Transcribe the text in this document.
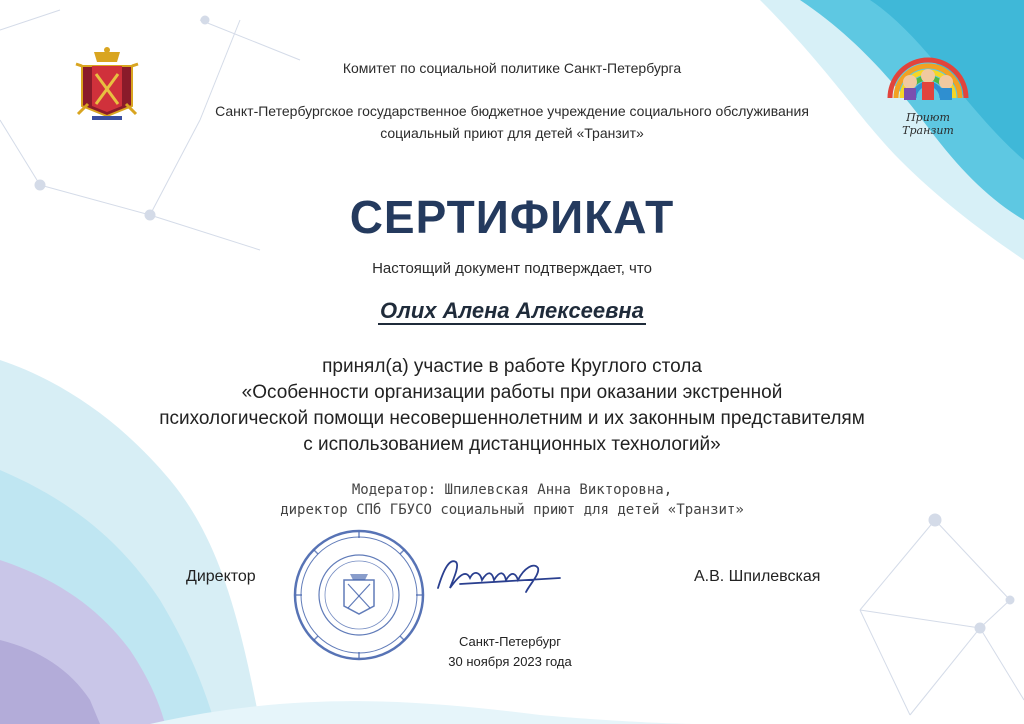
Приют Транзит
Комитет по социальной политике Санкт-Петербурга
Санкт-Петербургское государственное бюджетное учреждение социального обслуживания
социальный приют для детей «Транзит»
СЕРТИФИКАТ
Настоящий документ подтверждает, что
Олих Алена Алексеевна
принял(а) участие в работе Круглого стола
«Особенности организации работы при оказании экстренной
психологической помощи несовершеннолетним и их законным представителям
с использованием дистанционных технологий»
Модератор: Шпилевская Анна Викторовна,
директор СПб ГБУСО социальный приют для детей «Транзит»
Директор	А.В. Шпилевская
Санкт-Петербург
30 ноября 2023 года
